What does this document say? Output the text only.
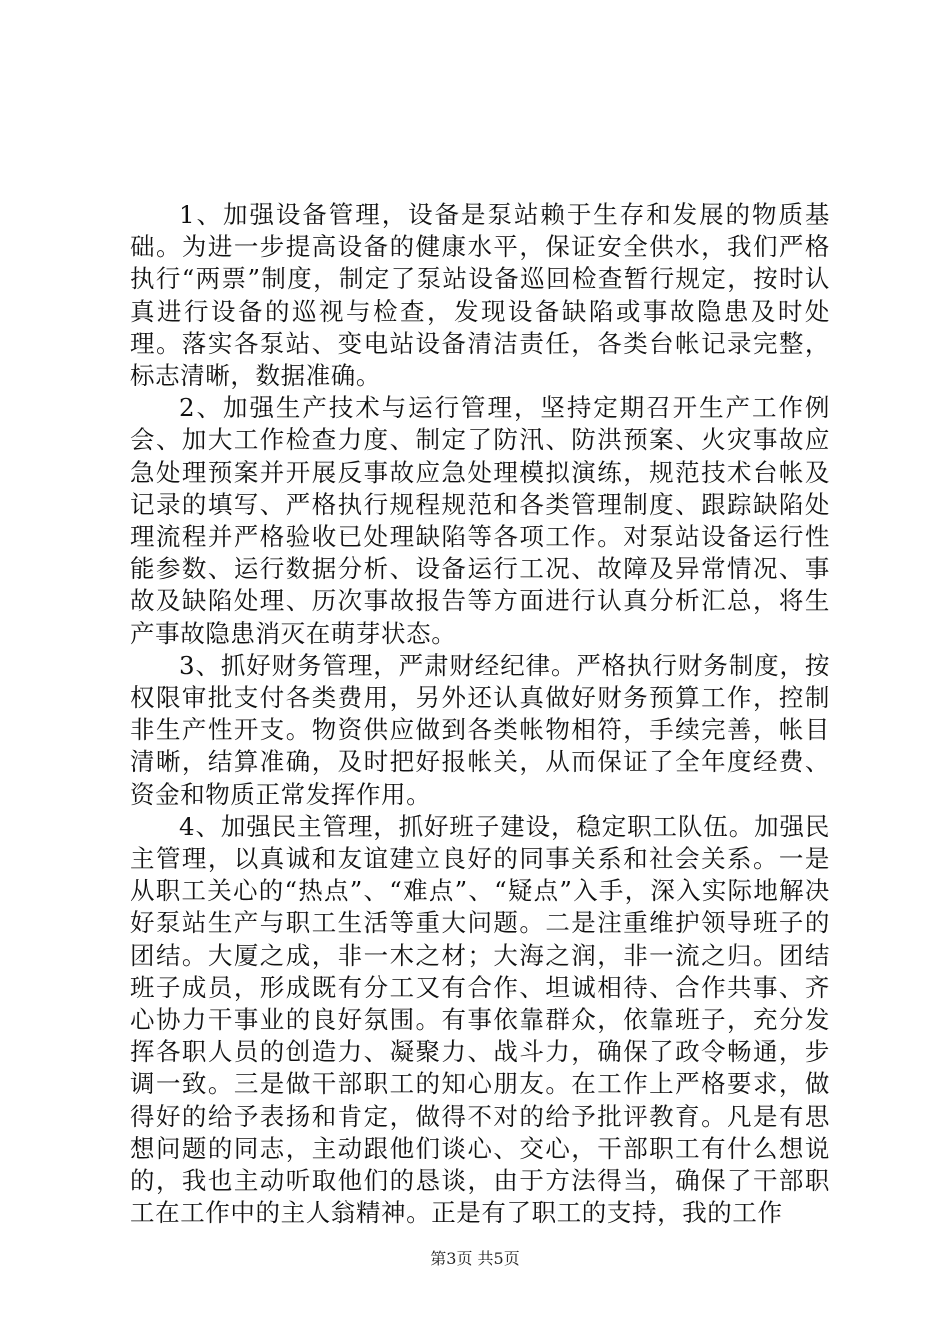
1、加强设备管理，设备是泵站赖于生存和发展的物质基础。为进一步提高设备的健康水平，保证安全供水，我们严格执行“两票”制度，制定了泵站设备巡回检查暂行规定，按时认真进行设备的巡视与检查，发现设备缺陷或事故隐患及时处理。落实各泵站、变电站设备清洁责任，各类台帐记录完整，标志清晰，数据准确。

2、加强生产技术与运行管理，坚持定期召开生产工作例会、加大工作检查力度、制定了防汛、防洪预案、火灾事故应急处理预案并开展反事故应急处理模拟演练，规范技术台帐及记录的填写、严格执行规程规范和各类管理制度、跟踪缺陷处理流程并严格验收已处理缺陷等各项工作。对泵站设备运行性能参数、运行数据分析、设备运行工况、故障及异常情况、事故及缺陷处理、历次事故报告等方面进行认真分析汇总，将生产事故隐患消灭在萌芽状态。

3、抓好财务管理，严肃财经纪律。严格执行财务制度，按权限审批支付各类费用，另外还认真做好财务预算工作，控制非生产性开支。物资供应做到各类帐物相符，手续完善，帐目清晰，结算准确，及时把好报帐关，从而保证了全年度经费、资金和物质正常发挥作用。

4、加强民主管理，抓好班子建设，稳定职工队伍。加强民主管理，以真诚和友谊建立良好的同事关系和社会关系。一是从职工关心的“热点”、“难点”、“疑点”入手，深入实际地解决好泵站生产与职工生活等重大问题。二是注重维护领导班子的团结。大厦之成，非一木之材；大海之润，非一流之归。团结班子成员，形成既有分工又有合作、坦诚相待、合作共事、齐心协力干事业的良好氛围。有事依靠群众，依靠班子，充分发挥各职人员的创造力、凝聚力、战斗力，确保了政令畅通，步调一致。三是做干部职工的知心朋友。在工作上严格要求，做得好的给予表扬和肯定，做得不对的给予批评教育。凡是有思想问题的同志，主动跟他们谈心、交心，干部职工有什么想说的，我也主动听取他们的恳谈，由于方法得当，确保了干部职工在工作中的主人翁精神。正是有了职工的支持，我的工作

第3页 共5页
